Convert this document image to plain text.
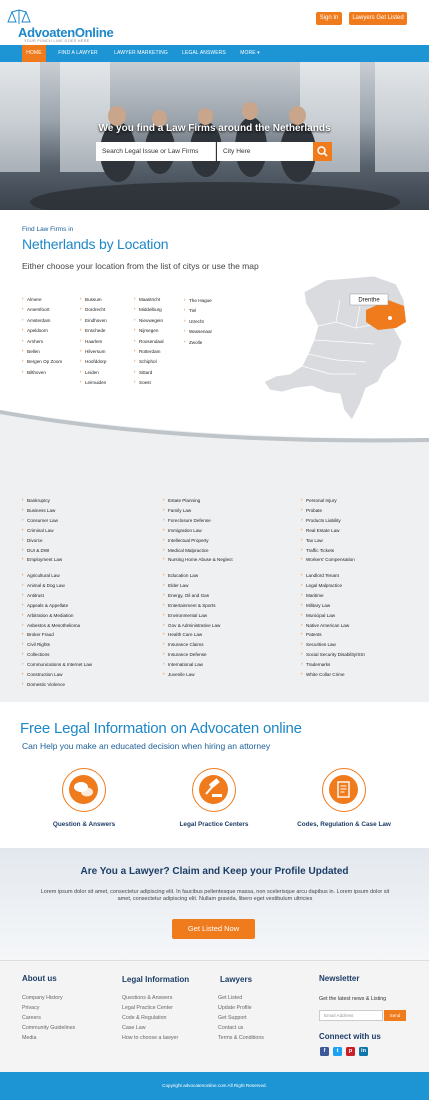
AdvoatenOnline
YOUR PUNCH LINE GOES HERE
Sign In	Lawyers Get Listed
HOME	FIND A LAWYER	LAWYER MARKETING	LEGAL ANSWERS	MORE ▾
We you find a Law Firms around the Netherlands
Search Legal Issue or Law Firms	City Here
Find Law Firms in
Netherlands by Location
Either choose your location from the list of citys or use the map
› Almere
› Amersfoort
› Amsterdam
› Apeldoorn
› Arnhem
› Bellen
› Bergen Op Zoom
› Bilthoven
› Bussum
› Dordrecht
› Eindhoven
› Enschede
› Haarlem
› Hilversum
› Hoofddorp
› Leiden
› Leimuiden
› Maastricht
› Middelburg
› Nieuwegein
› Nijmegen
› Roosendaal
› Rotterdam
› Schiphol
› Sittard
› Soest
› The Hague
› Tiel
› Utrecht
› Wassenaar
› Zwolle
Drenthe
› Bankruptcy
› Business Law
› Consumer Law
› Criminal Law
› Divorce
› DUI & DWI
› Employment Law
› Agricultural Law
› Animal & Dog Law
› Antitrust
› Appeals & Appellate
› Arbitration & Mediation
› Asbestos & Mesothelioma
› Broker Fraud
› Civil Rights
› Collections
› Communications & Internet Law
› Construction Law
› Domestic Violence
› Estate Planning
› Family Law
› Foreclosure Defense
› Immigration Law
› Intellectual Property
› Medical Malpractice
› Nursing Home Abuse & Neglect
› Education Law
› Elder Law
› Energy, Oil and Gas
› Entertainment & Sports
› Environmental Law
› Gov & Administrative Law
› Health Care Law
› Insurance Claims
› Insurance Defense
› International Law
› Juvenile Law
› Personal Injury
› Probate
› Products Liability
› Real Estate Law
› Tax Law
› Traffic Tickets
› Workers' Compensation
› Landlord Tenant
› Legal Malpractice
› Maritime
› Military Law
› Municipal Law
› Native American Law
› Patents
› Securities Law
› Social Security Disability/SSI
› Trademarks
› White Collar Crime
Free Legal Information on Advocaten online
Can Help you make an educated decision when hiring an attorney
Question & Answers	Legal Practice Centers	Codes, Regulation & Case Law
Are You a Lawyer? Claim and Keep your Profile Updated
Lorem ipsum dolor sit amet, consectetur adipiscing elit. In faucibus pellentesque massa, non scelerisque arcu dapibus in. Lorem ipsum dolor sit amet, consectetur adipiscing elit. Nullam gravida, libero eget vestibulum ultricies
Get Listed Now
About us	Legal Information	Lawyers	Newsletter
Company History
Privacy
Careers
Community Guidelines
Media
Questions & Answers
Legal Practice Center
Code & Regulation
Case Law
How to choose a lawyer
Get Listed
Update Profile
Get Support
Contact us
Terms & Conditions
Get the latest news & Listing
Email Address	Send
Connect with us
f	t	p	in
Copyright advocatenonline.com All Right Reserved.
